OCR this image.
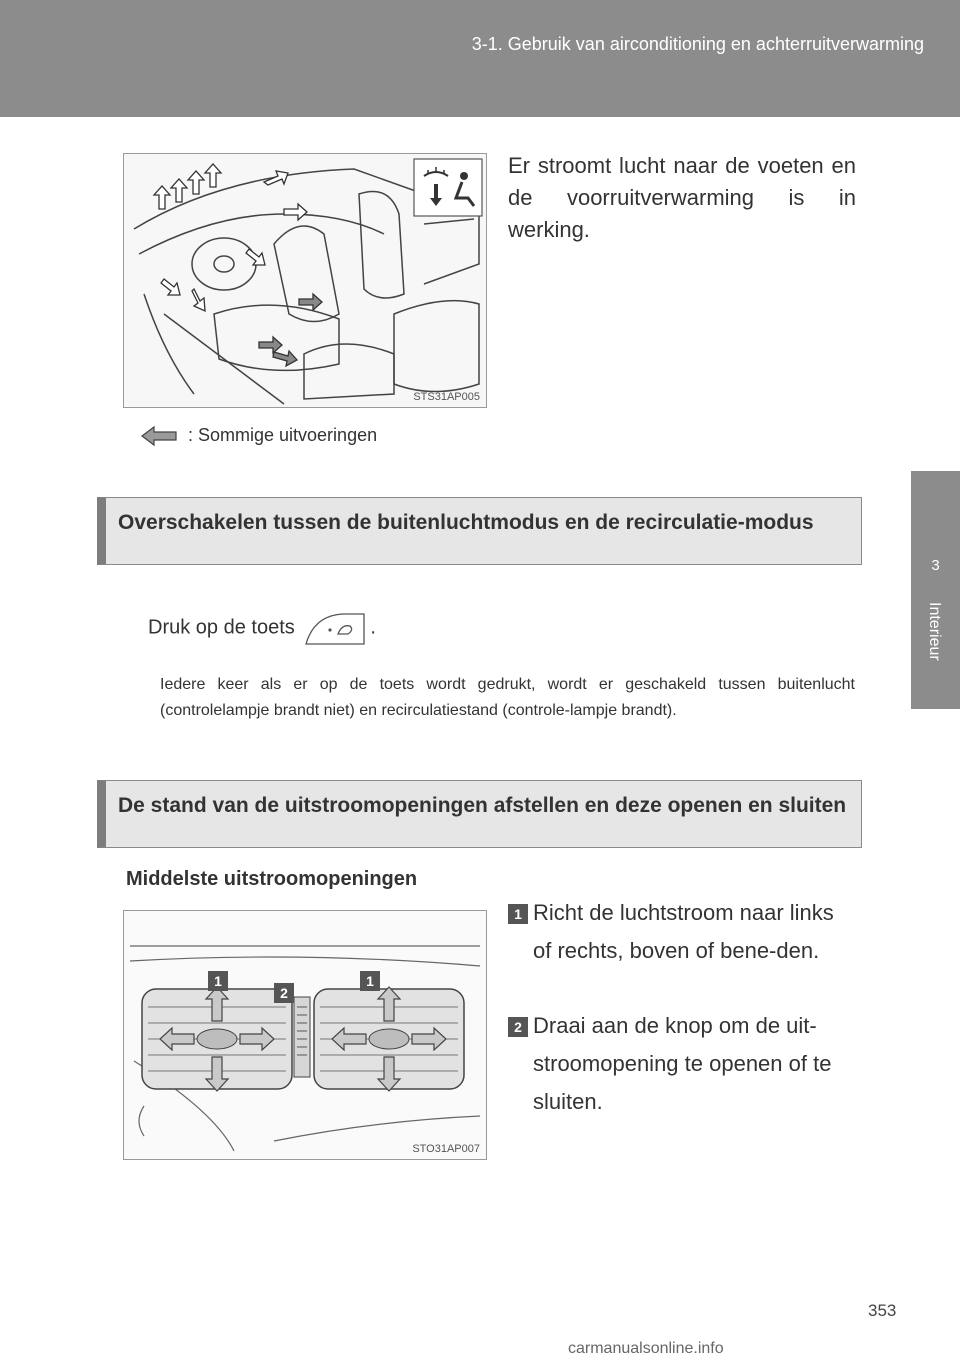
3-1. Gebruik van airconditioning en achterruitverwarming
3
Interieur
STS31AP005
Er stroomt lucht naar de voeten en de voorruitverwarming is in werking.
: Sommige uitvoeringen
Overschakelen tussen de buitenluchtmodus en de recirculatie-modus
Druk op de toets	.
Iedere keer als er op de toets wordt gedrukt, wordt er geschakeld tussen buitenlucht (controlelampje brandt niet) en recirculatiestand (controle-lampje brandt).
De stand van de uitstroomopeningen afstellen en deze openen en sluiten
Middelste uitstroomopeningen
1
2
1
STO31AP007
1 Richt de luchtstroom naar links of rechts, boven of bene-den.
2 Draai aan de knop om de uit-stroomopening te openen of te sluiten.
353
carmanualsonline.info
